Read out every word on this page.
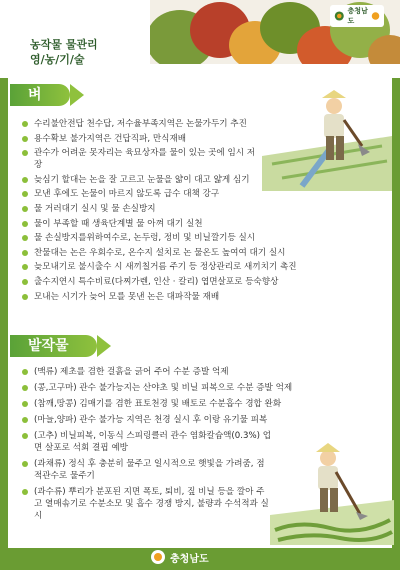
농작물 물관리
영/농/기/술
충청남도
벼
수리불안전답 천수답, 저수율부족지역은 논물가두기 추진
용수확보 불가지역은 건답직파, 만식재배
관수가 어려운 못자리는 육묘상자를 물이 있는 곳에 임시 저장
늦심기 할대는 논을 잘 고르고 눈물을 얇이 대고 얇게 심기
모낸 후에도 논물이 마르지 않도록 급수 대책 강구
물 거러대기 실시 및 물 손실방지
물이 부족할 때 생육단계별 물 아껴 대기 실천
물 손실방지를위하여수로, 논두렁, 정비 및 비닐깔기등 실시
찬물대는 논은 우회수로, 온수지 설치로 논 물온도 높여여 대기 실시
늦모내기로 불시출수 시 새끼칠거름 주기 등 정상관리로 새끼치기 촉진
출수지연시 특수비료(다찌가렌, 인산 · 칼리) 엽면살포로 등숙향상
모내는 시기가 늦어 모를 못낸 논은 대파작물 재배
밭작물
(맥류) 제초를 겸한 걸흙을 긁어 주어 수분 증발 억제
(콩,고구마) 관수 불가능지는 산야초 및 비닐 피복으로 수분 증발 억제
(참깨,땅콩) 김매기를 겸한 표토천경 및 배토로 수분흡수 경합 완화
(마늘,양파) 관수 불가능 지역은 천경 실시 후 이랑 유기물 피복
(고추) 비닐피복, 이동식 스피링클러 관수 염화칼슘액(0.3%) 업면 살포로 석회 결핍 예방
(과채류) 정식 후 충분히 물주고 일시적으로 햇빛을 가려줌, 점적관수로 물주기
(과수류) 뿌리가 분포된 지면 폭토, 퇴비, 짚 비닐 등을 깔아 주고 열매솎기로 수분소모 및 흡수 경쟁 방지, 불량과 수석적과 실시
충청남도
